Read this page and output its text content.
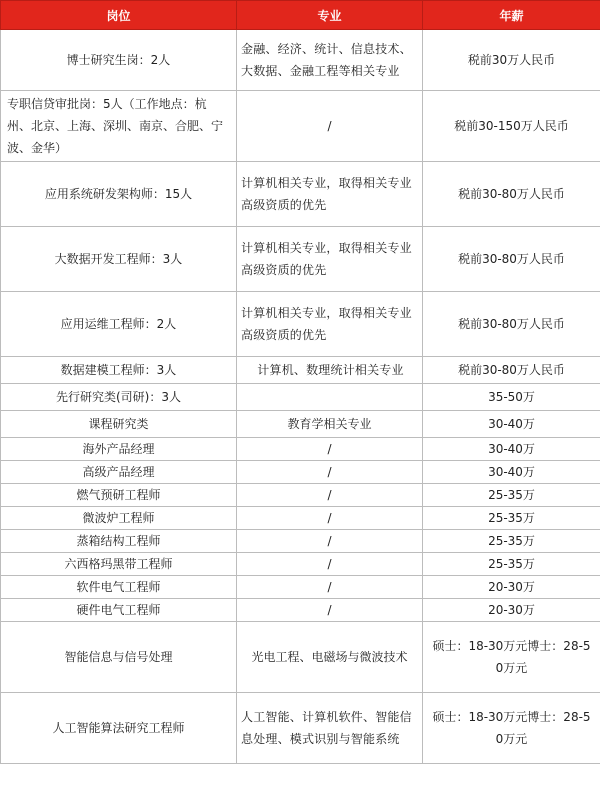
岗位	专业	年薪
博士研究生岗：2人	金融、经济、统计、信息技术、大数据、金融工程等相关专业	税前30万人民币
专职信贷审批岗：5人（工作地点：杭州、北京、上海、深圳、南京、合肥、宁波、金华）	/	税前30-150万人民币
应用系统研发架构师：15人	计算机相关专业，取得相关专业高级资质的优先	税前30-80万人民币
大数据开发工程师：3人	计算机相关专业，取得相关专业高级资质的优先	税前30-80万人民币
应用运维工程师：2人	计算机相关专业，取得相关专业高级资质的优先	税前30-80万人民币
数据建模工程师：3人	计算机、数理统计相关专业	税前30-80万人民币
先行研究类(司研)：3人		35-50万
课程研究类	教育学相关专业	30-40万
海外产品经理	/	30-40万
高级产品经理	/	30-40万
燃气预研工程师	/	25-35万
微波炉工程师	/	25-35万
蒸箱结构工程师	/	25-35万
六西格玛黑带工程师	/	25-35万
软件电气工程师	/	20-30万
硬件电气工程师	/	20-30万
智能信息与信号处理	光电工程、电磁场与微波技术	硕士：18-30万元博士：28-50万元
人工智能算法研究工程师	人工智能、计算机软件、智能信息处理、模式识别与智能系统	硕士：18-30万元博士：28-50万元
